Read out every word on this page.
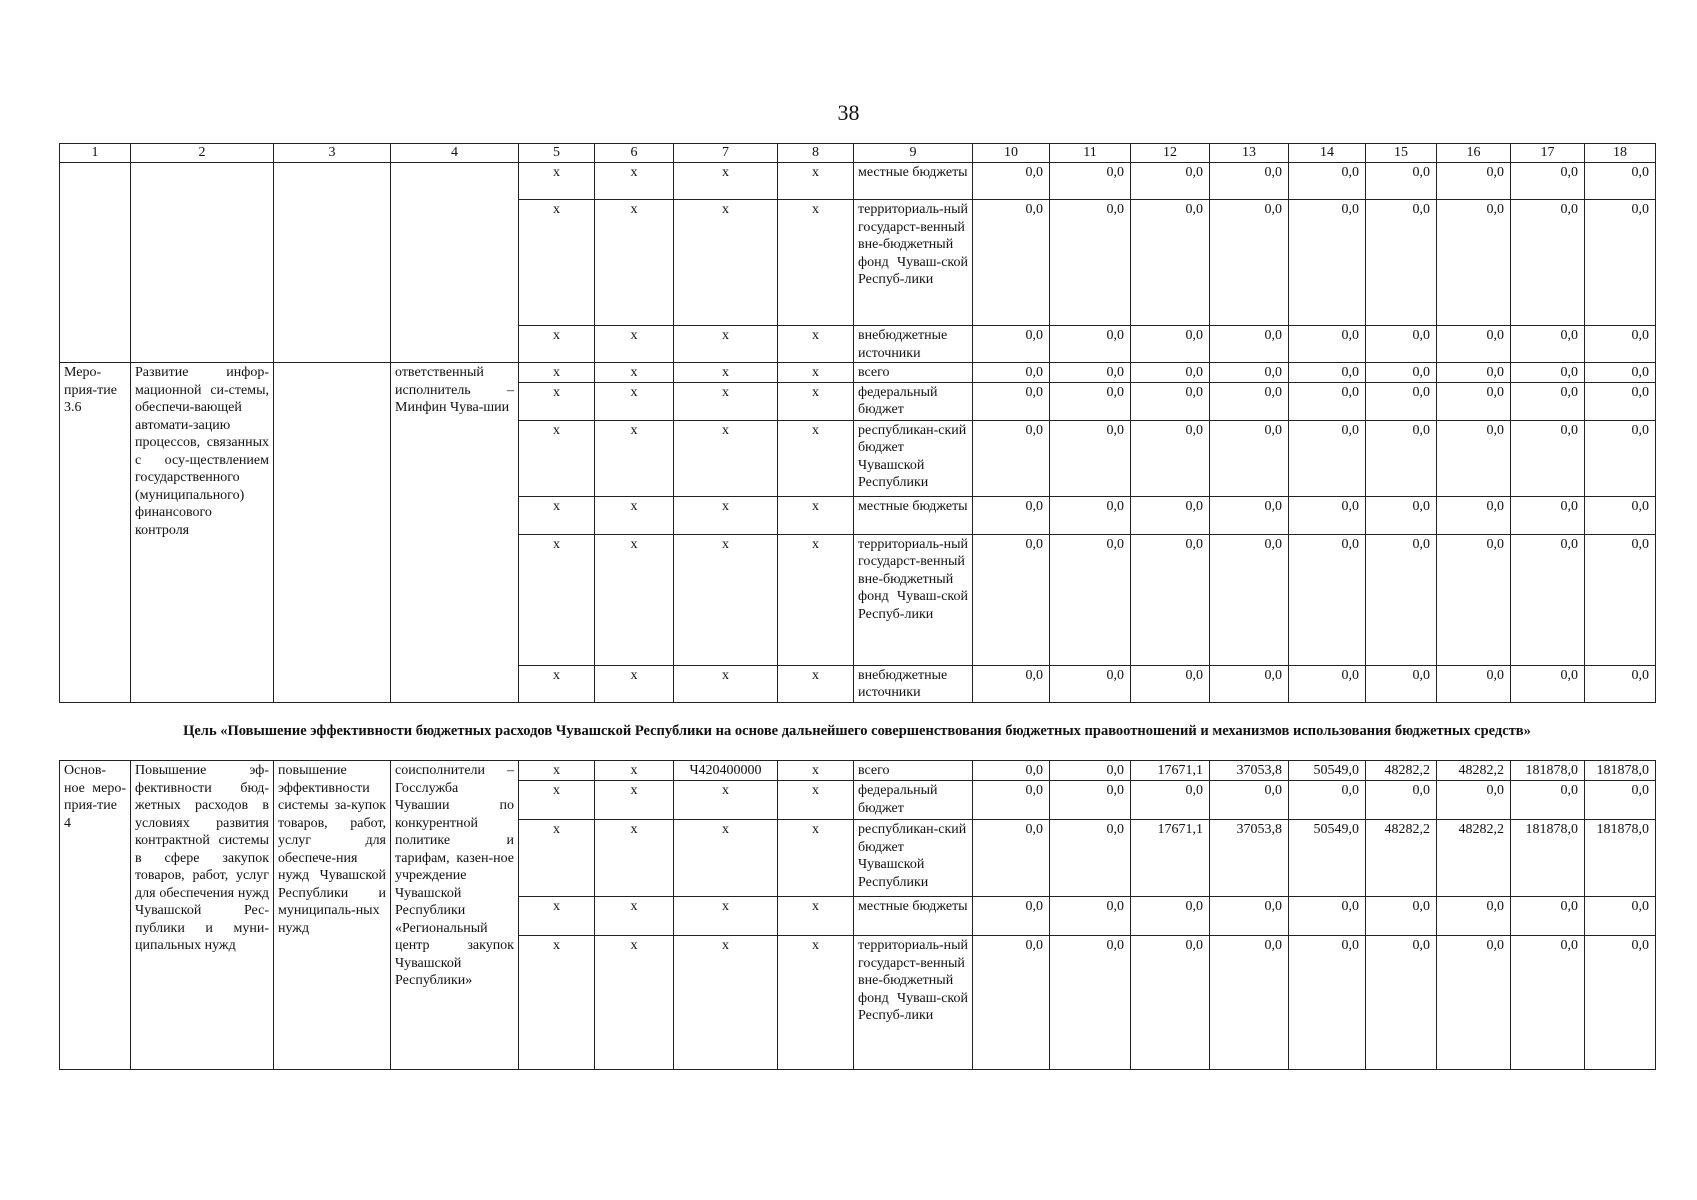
38
1	2	3	4	5	6	7	8	9	10	11	12	13	14	15	16	17	18
				х	х	х	х	местные бюджеты	0,0	0,0	0,0	0,0	0,0	0,0	0,0	0,0	0,0
				х	х	х	х	территориаль-ный государст-венный вне-бюджетный фонд Чуваш-ской Респуб-лики	0,0	0,0	0,0	0,0	0,0	0,0	0,0	0,0	0,0
				х	х	х	х	внебюджетные источники	0,0	0,0	0,0	0,0	0,0	0,0	0,0	0,0	0,0
Меро-прия-тие 3.6	Развитие инфор-мационной си-стемы, обеспечи-вающей автомати-зацию процессов, связанных с осу-ществлением государственного (муниципального) финансового контроля		ответственный исполнитель – Минфин Чува-шии	х	х	х	х	всего	0,0	0,0	0,0	0,0	0,0	0,0	0,0	0,0	0,0
				х	х	х	х	федеральный бюджет	0,0	0,0	0,0	0,0	0,0	0,0	0,0	0,0	0,0
				х	х	х	х	республикан-ский бюджет Чувашской Республики	0,0	0,0	0,0	0,0	0,0	0,0	0,0	0,0	0,0
				х	х	х	х	местные бюджеты	0,0	0,0	0,0	0,0	0,0	0,0	0,0	0,0	0,0
				х	х	х	х	территориаль-ный государст-венный вне-бюджетный фонд Чуваш-ской Респуб-лики	0,0	0,0	0,0	0,0	0,0	0,0	0,0	0,0	0,0
				х	х	х	х	внебюджетные источники	0,0	0,0	0,0	0,0	0,0	0,0	0,0	0,0	0,0
Цель «Повышение эффективности бюджетных расходов Чувашской Республики на основе дальнейшего совершенствования бюджетных правоотношений и механизмов использования бюджетных средств»
Основ-ное меро-прия-тие 4	Повышение эф-фективности бюд-жетных расходов в условиях развития контрактной системы в сфере закупок товаров, работ, услуг для обеспечения нужд Чувашской Рес-публики и муни-ципальных нужд	повышение эффективности системы за-купок товаров, работ, услуг для обеспече-ния нужд Чувашской Республики и муниципаль-ных нужд	соисполнители – Госслужба Чувашии по конкурентной политике и тарифам, казен-ное учреждение Чувашской Республики «Региональный центр закупок Чувашской Республики»	х	х	Ч420400000	х	всего	0,0	0,0	17671,1	37053,8	50549,0	48282,2	48282,2	181878,0	181878,0
				х	х	х	х	федеральный бюджет	0,0	0,0	0,0	0,0	0,0	0,0	0,0	0,0	0,0
				х	х	х	х	республикан-ский бюджет Чувашской Республики	0,0	0,0	17671,1	37053,8	50549,0	48282,2	48282,2	181878,0	181878,0
				х	х	х	х	местные бюджеты	0,0	0,0	0,0	0,0	0,0	0,0	0,0	0,0	0,0
				х	х	х	х	территориаль-ный государст-венный вне-бюджетный фонд Чуваш-ской Респуб-лики	0,0	0,0	0,0	0,0	0,0	0,0	0,0	0,0	0,0
